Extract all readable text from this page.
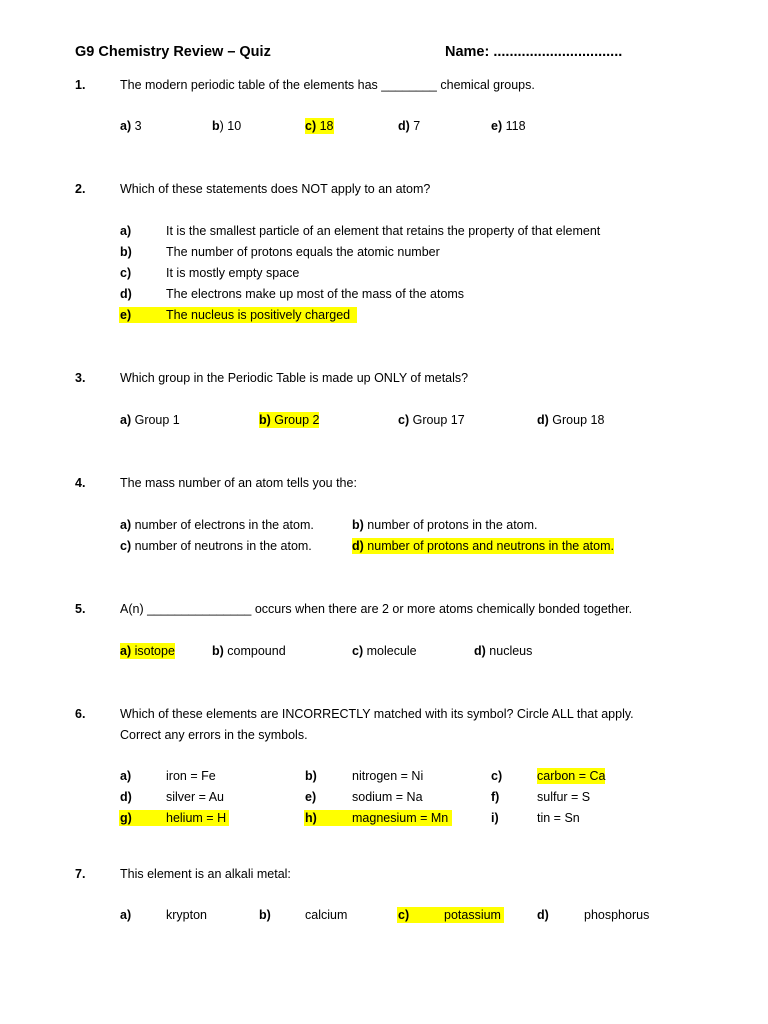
G9 Chemistry Review – Quiz	Name: ................................
1.	The modern periodic table of the elements has ________ chemical groups.
a) 3	b) 10	c) 18	d) 7	e) 118
2.	Which of these statements does NOT apply to an atom?
a)	It is the smallest particle of an element that retains the property of that element
b)	The number of protons equals the atomic number
c)	It is mostly empty space
d)	The electrons make up most of the mass of the atoms
e)	The nucleus is positively charged
3.	Which group in the Periodic Table is made up ONLY of metals?
a) Group 1	b) Group 2	c) Group 17	d) Group 18
4.	The mass number of an atom tells you the:
a) number of electrons in the atom.	b) number of protons in the atom.
c) number of neutrons in the atom.	d) number of protons and neutrons in the atom.
5.	A(n) _______________ occurs when there are 2 or more atoms chemically bonded together.
a) isotope	b) compound	c) molecule	d) nucleus
6.	Which of these elements are INCORRECTLY matched with its symbol? Circle ALL that apply.
Correct any errors in the symbols.
a)	iron = Fe	b)	nitrogen = Ni	c)	carbon = Ca
d)	silver = Au	e)	sodium = Na	f)	sulfur = S
g)	helium = H	h)	magnesium = Mn	i)	tin = Sn
7.	This element is an alkali metal:
a)	krypton	b)	calcium	c)	potassium	d)	phosphorus
